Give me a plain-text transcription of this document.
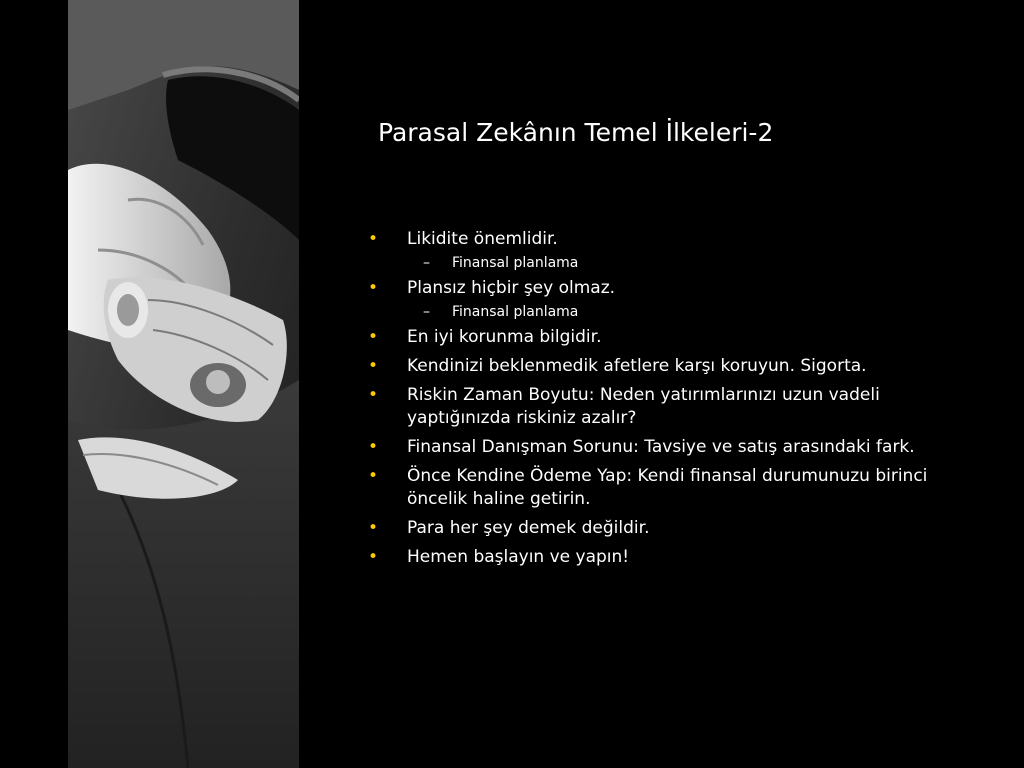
Parasal Zekânın Temel İlkeleri-2
• Likidite önemlidir.
– Finansal planlama
• Plansız hiçbir şey olmaz.
– Finansal planlama
• En iyi korunma bilgidir.
• Kendinizi beklenmedik afetlere karşı koruyun. Sigorta.
• Riskin Zaman Boyutu: Neden yatırımlarınızı uzun vadeli yaptığınızda riskiniz azalır?
• Finansal Danışman Sorunu: Tavsiye ve satış arasındaki fark.
• Önce Kendine Ödeme Yap: Kendi finansal durumunuzu birinci öncelik haline getirin.
• Para her şey demek değildir.
• Hemen başlayın ve yapın!
